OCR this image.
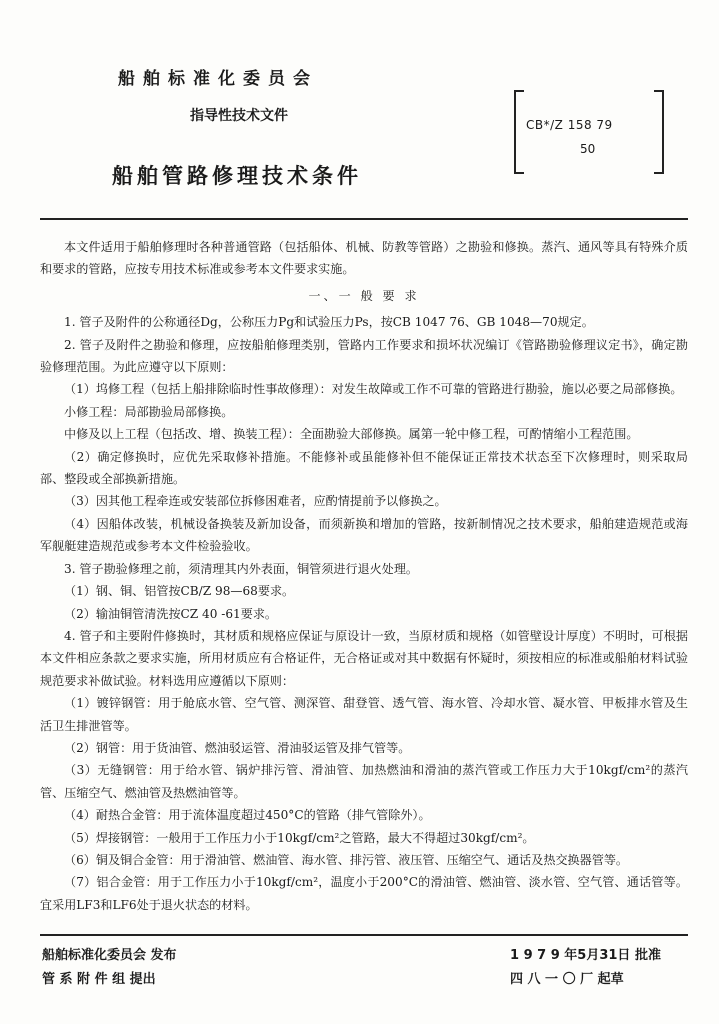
船舶标准化委员会
指导性技术文件
船舶管路修理技术条件
CB*/Z 158 79
50

本文件适用于船舶修理时各种普通管路（包括船体、机械、防教等管路）之勘验和修换。蒸汽、通风等具有特殊介质和要求的管路，应按专用技术标准或参考本文件要求实施。

一、一 般 要 求

1. 管子及附件的公称通径Dg，公称压力Pg和试验压力Ps，按CB 1047 76、GB 1048—70规定。

2. 管子及附件之勘验和修理，应按船舶修理类别，管路内工作要求和损坏状况编订《管路勘验修理议定书》，确定勘验修理范围。为此应遵守以下原则：

（1）坞修工程（包括上船排除临时性事故修理）：对发生故障或工作不可靠的管路进行勘验，施以必要之局部修换。

小修工程：局部勘验局部修换。

中修及以上工程（包括改、增、换装工程）：全面勘验大部修换。属第一轮中修工程，可酌情缩小工程范围。

（2）确定修换时，应优先采取修补措施。不能修补或虽能修补但不能保证正常技术状态至下次修理时，则采取局部、整段或全部换新措施。

（3）因其他工程牵连或安装部位拆修困难者，应酌情提前予以修换之。

（4）因船体改装，机械设备换装及新加设备，而须新换和增加的管路，按新制情况之技术要求，船舶建造规范或海军舰艇建造规范或参考本文件检验验收。

3. 管子勘验修理之前，须清理其内外表面，铜管须进行退火处理。

（1）钢、铜、铝管按CB/Z 98—68要求。

（2）输油铜管清洗按CZ 40 -61要求。

4. 管子和主要附件修换时，其材质和规格应保证与原设计一致，当原材质和规格（如管壁设计厚度）不明时，可根据本文件相应条款之要求实施，所用材质应有合格证件，无合格证或对其中数据有怀疑时，须按相应的标准或船舶材料试验规范要求补做试验。材料选用应遵循以下原则：

（1）镀锌钢管：用于舱底水管、空气管、测深管、甜登管、透气管、海水管、冷却水管、凝水管、甲板排水管及生活卫生排泄管等。

（2）钢管：用于货油管、燃油驳运管、滑油驳运管及排气管等。

（3）无缝钢管：用于给水管、锅炉排污管、滑油管、加热燃油和滑油的蒸汽管或工作压力大于10kgf/cm²的蒸汽管、压缩空气、燃油管及热燃油管等。

（4）耐热合金管：用于流体温度超过450°C的管路（排气管除外）。

（5）焊接钢管：一般用于工作压力小于10kgf/cm²之管路，最大不得超过30kgf/cm²。

（6）铜及铜合金管：用于滑油管、燃油管、海水管、排污管、液压管、压缩空气、通话及热交换器管等。

（7）铝合金管：用于工作压力小于10kgf/cm²，温度小于200°C的滑油管、燃油管、淡水管、空气管、通话管等。宜采用LF3和LF6处于退火状态的材料。

船舶标准化委员会 发布
管 系 附 件 组 提出
1 9 7 9 年5月31日 批准
四 八 一 〇 厂 起草
